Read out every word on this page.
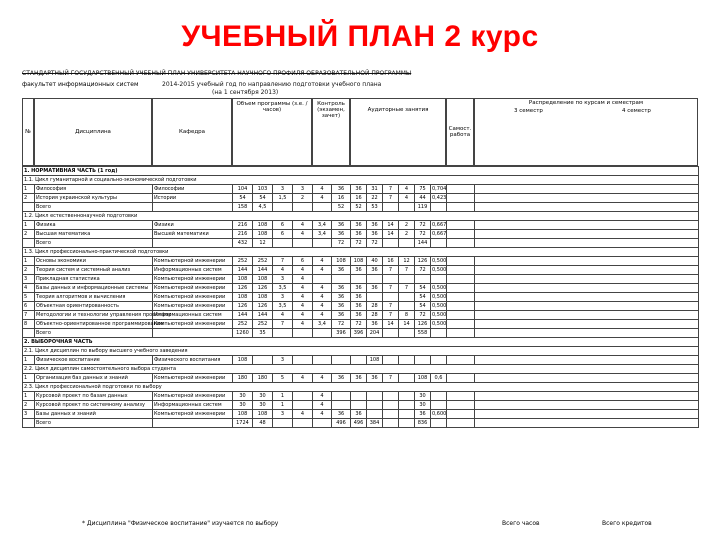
УЧЕБНЫЙ ПЛАН 2 курс
СТАНДАРТНЫЙ ГОСУДАРСТВЕННЫЙ УЧЕБНЫЙ ПЛАН УНИВЕРСИТЕТА НАУЧНОГО ПРОФИЛЯ ОБРАЗОВАТЕЛЬНОЙ ПРОГРАММЫ
факультет информационных систем	2014-2015 учебный год по направлению подготовки учебного плана
(на 1 сентября 2013)
№	Дисциплина	Кафедра
Объем программы (з.е. / часов)
Контроль (экзамен, зачет)
Аудиторные занятия
Самост. работа
Распределение по курсам и семестрам
3 семестр	4 семестр
1. НОРМАТИВНАЯ ЧАСТЬ (1 год)																
1.1. Цикл гуманитарной и социально-экономической подготовки																
1	Философия	Философии	104	103	3	3	4	36	36	31	7	4	75	0,704		
2	История украинской культуры	Истории	54	54	1,5	2	4	16	16	22	7	4	44	0,423		
	Всего		158	4,5				52	52	53			119			
1.2. Цикл естественнонаучной подготовки																
1	Физика	Физики	216	108	6	4	3,4	36	36	36	14	2	72	0,667		
2	Высшая математика	Высшей математики	216	108	6	4	3,4	36	36	36	14	2	72	0,667		
	Всего		432	12				72	72	72			144			
1.3. Цикл профессионально-практической подготовки																
1	Основы экономики	Компьютерной инженерии	252	252	7	6	4	108	108	40	16	12	126	0,500		
2	Теория систем и системный анализ	Информационных систем	144	144	4	4	4	36	36	36	7	7	72	0,500		
3	Прикладная статистика	Компьютерной инженерии	108	108	3	4										
4	Базы данных и информационные системы	Компьютерной инженерии	126	126	3,5	4	4	36	36	36	7	7	54	0,500		
5	Теория алгоритмов и вычисления	Компьютерной инженерии	108	108	3	4	4	36	36				54	0,500		
6	Объектная ориентированность	Компьютерной инженерии	126	126	3,5	4	4	36	36	28	7		54	0,500		
7	Методологии и технологии управления проектами	Информационных систем	144	144	4	4	4	36	36	28	7	8	72	0,500		
8	Объектно-ориентированное программирование	Компьютерной инженерии	252	252	7	4	3,4	72	72	36	14	14	126	0,500		
	Всего		1260	35				396	396	204			558			
2. ВЫБОРОЧНАЯ ЧАСТЬ																
2.1. Цикл дисциплин по выбору высшего учебного заведения																
1	Физическое воспитание	Физического воспитания	108		3					108						
2.2. Цикл дисциплин самостоятельного выбора студента																
1	Организация баз данных и знаний	Компьютерной инженерии	180	180	5	4	4	36	36	36	7		108	0,6		
2.3. Цикл профессиональной подготовки по выбору																
1	Курсовой проект по базам данных	Компьютерной инженерии	30	30	1		4						30			
2	Курсовой проект по системному анализу	Информационных систем	30	30	1		4						30			
3	Базы данных и знаний	Компьютерной инженерии	108	108	3	4	4	36	36				36	0,600		
	Всего		1724	48				496	496	384			836			
* Дисциплина "Физическое воспитание" изучается по выбору	Всего часов	Всего кредитов
